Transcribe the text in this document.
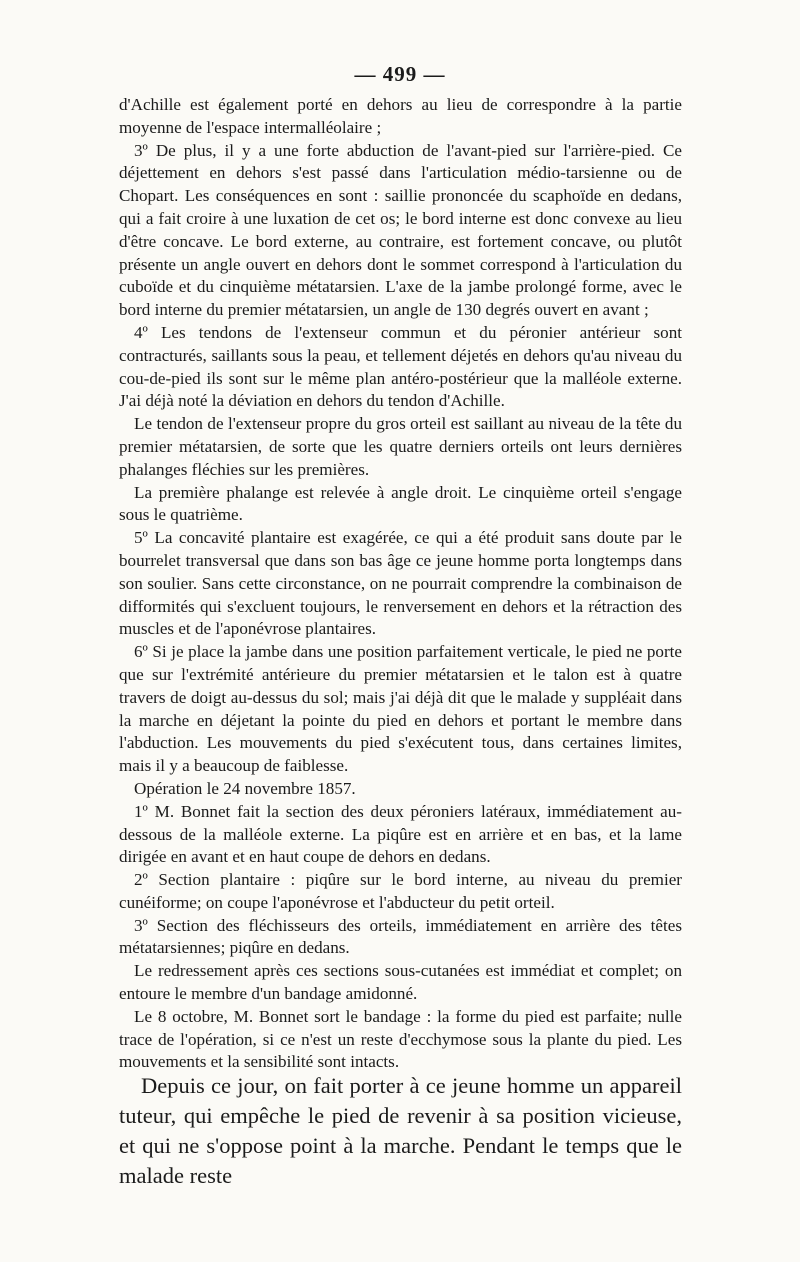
— 499 —

d'Achille est également porté en dehors au lieu de correspondre à la partie moyenne de l'espace intermalléolaire ;

3º De plus, il y a une forte abduction de l'avant-pied sur l'arrière-pied. Ce déjettement en dehors s'est passé dans l'articulation médio-tarsienne ou de Chopart. Les conséquences en sont : saillie prononcée du scaphoïde en dedans, qui a fait croire à une luxation de cet os; le bord interne est donc convexe au lieu d'être concave. Le bord externe, au contraire, est fortement concave, ou plutôt présente un angle ouvert en dehors dont le sommet correspond à l'articulation du cuboïde et du cinquième métatarsien. L'axe de la jambe prolongé forme, avec le bord interne du premier métatarsien, un angle de 130 degrés ouvert en avant ;

4º Les tendons de l'extenseur commun et du péronier antérieur sont contracturés, saillants sous la peau, et tellement déjetés en dehors qu'au niveau du cou-de-pied ils sont sur le même plan antéro-postérieur que la malléole externe. J'ai déjà noté la déviation en dehors du tendon d'Achille.

Le tendon de l'extenseur propre du gros orteil est saillant au niveau de la tête du premier métatarsien, de sorte que les quatre derniers orteils ont leurs dernières phalanges fléchies sur les premières.

La première phalange est relevée à angle droit. Le cinquième orteil s'engage sous le quatrième.

5º La concavité plantaire est exagérée, ce qui a été produit sans doute par le bourrelet transversal que dans son bas âge ce jeune homme porta longtemps dans son soulier. Sans cette circonstance, on ne pourrait comprendre la combinaison de difformités qui s'excluent toujours, le renversement en dehors et la rétraction des muscles et de l'aponévrose plantaires.

6º Si je place la jambe dans une position parfaitement verticale, le pied ne porte que sur l'extrémité antérieure du premier métatarsien et le talon est à quatre travers de doigt au-dessus du sol; mais j'ai déjà dit que le malade y suppléait dans la marche en déjetant la pointe du pied en dehors et portant le membre dans l'abduction. Les mouvements du pied s'exécutent tous, dans certaines limites, mais il y a beaucoup de faiblesse.

Opération le 24 novembre 1857.

1º M. Bonnet fait la section des deux péroniers latéraux, immédiatement au-dessous de la malléole externe. La piqûre est en arrière et en bas, et la lame dirigée en avant et en haut coupe de dehors en dedans.

2º Section plantaire : piqûre sur le bord interne, au niveau du premier cunéiforme; on coupe l'aponévrose et l'abducteur du petit orteil.

3º Section des fléchisseurs des orteils, immédiatement en arrière des têtes métatarsiennes; piqûre en dedans.

Le redressement après ces sections sous-cutanées est immédiat et complet; on entoure le membre d'un bandage amidonné.

Le 8 octobre, M. Bonnet sort le bandage : la forme du pied est parfaite; nulle trace de l'opération, si ce n'est un reste d'ecchymose sous la plante du pied. Les mouvements et la sensibilité sont intacts.

Depuis ce jour, on fait porter à ce jeune homme un appareil tuteur, qui empêche le pied de revenir à sa position vicieuse, et qui ne s'oppose point à la marche. Pendant le temps que le malade reste
